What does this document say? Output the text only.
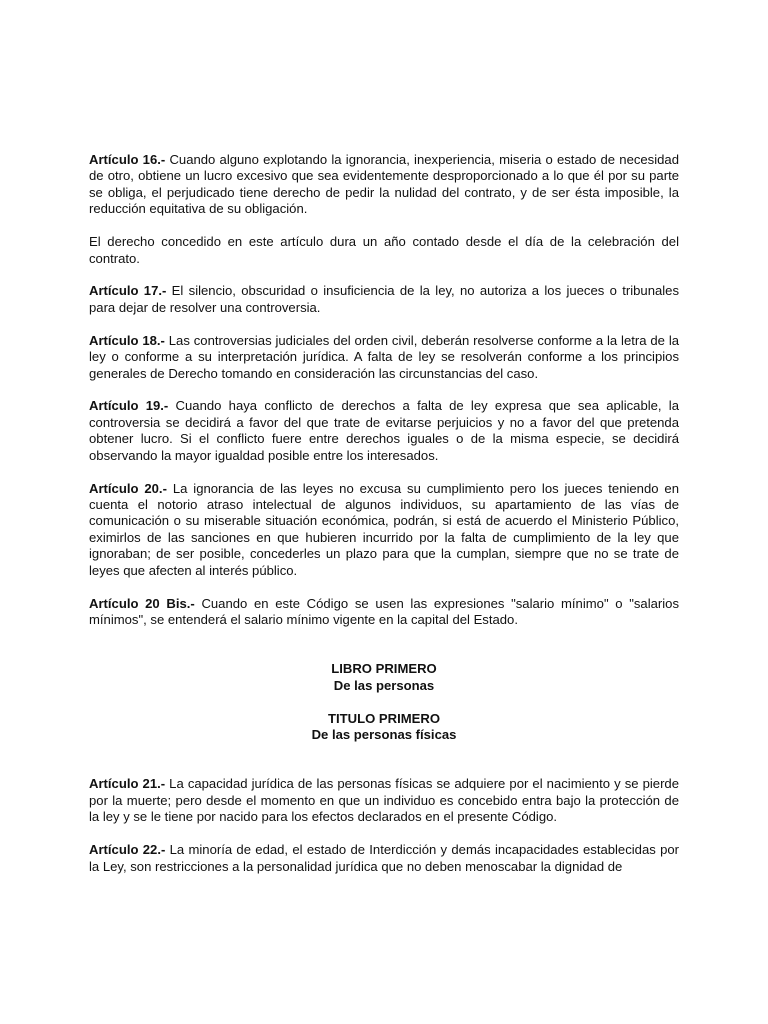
Artículo 16.- Cuando alguno explotando la ignorancia, inexperiencia, miseria o estado de necesidad de otro, obtiene un lucro excesivo que sea evidentemente desproporcionado a lo que él por su parte se obliga, el perjudicado tiene derecho de pedir la nulidad del contrato, y de ser ésta imposible, la reducción equitativa de su obligación.

El derecho concedido en este artículo dura un año contado desde el día de la celebración del contrato.

Artículo 17.- El silencio, obscuridad o insuficiencia de la ley, no autoriza a los jueces o tribunales para dejar de resolver una controversia.

Artículo 18.- Las controversias judiciales del orden civil, deberán resolverse conforme a la letra de la ley o conforme a su interpretación jurídica. A falta de ley se resolverán conforme a los principios generales de Derecho tomando en consideración las circunstancias del caso.

Artículo 19.- Cuando haya conflicto de derechos a falta de ley expresa que sea aplicable, la controversia se decidirá a favor del que trate de evitarse perjuicios y no a favor del que pretenda obtener lucro. Si el conflicto fuere entre derechos iguales o de la misma especie, se decidirá observando la mayor igualdad posible entre los interesados.

Artículo 20.- La ignorancia de las leyes no excusa su cumplimiento pero los jueces teniendo en cuenta el notorio atraso intelectual de algunos individuos, su apartamiento de las vías de comunicación o su miserable situación económica, podrán, si está de acuerdo el Ministerio Público, eximirlos de las sanciones en que hubieren incurrido por la falta de cumplimiento de la ley que ignoraban; de ser posible, concederles un plazo para que la cumplan, siempre que no se trate de leyes que afecten al interés público.

Artículo 20 Bis.- Cuando en este Código se usen las expresiones "salario mínimo" o "salarios mínimos", se entenderá el salario mínimo vigente en la capital del Estado.

LIBRO PRIMERO

De las personas

TITULO PRIMERO

De las personas físicas

Artículo 21.- La capacidad jurídica de las personas físicas se adquiere por el nacimiento y se pierde por la muerte; pero desde el momento en que un individuo es concebido entra bajo la protección de la ley y se le tiene por nacido para los efectos declarados en el presente Código.

Artículo 22.- La minoría de edad, el estado de Interdicción y demás incapacidades establecidas por la Ley, son restricciones a la personalidad jurídica que no deben menoscabar la dignidad de
